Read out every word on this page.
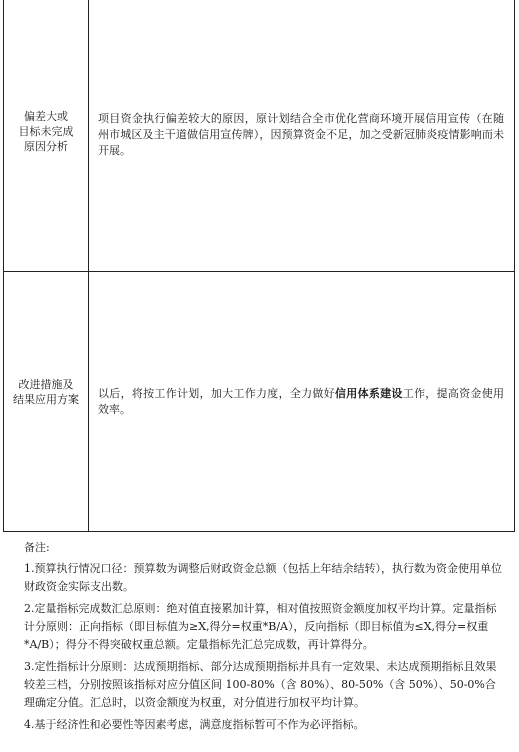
偏差大或
目标未完成
原因分析
项目资金执行偏差较大的原因，原计划结合全市优化营商环境开展信用宣传（在随州市城区及主干道做信用宣传牌），因预算资金不足，加之受新冠肺炎疫情影响而未开展。
改进措施及
结果应用方案	以后，将按工作计划，加大工作力度，全力做好信用体系建设工作，提高资金使用效率。

备注:

1.预算执行情况口径：预算数为调整后财政资金总额（包括上年结余结转），执行数为资金使用单位财政资金实际支出数。

2.定量指标完成数汇总原则：绝对值直接累加计算，相对值按照资金额度加权平均计算。定量指标计分原则：正向指标（即目标值为≥X,得分=权重*B/A），反向指标（即目标值为≤X,得分=权重*A/B）；得分不得突破权重总额。定量指标先汇总完成数，再计算得分。

3.定性指标计分原则：达成预期指标、部分达成预期指标并具有一定效果、未达成预期指标且效果较差三档，分别按照该指标对应分值区间 100-80%（含 80%）、80-50%（含 50%）、50-0%合理确定分值。汇总时，以资金额度为权重，对分值进行加权平均计算。

4.基于经济性和必要性等因素考虑，满意度指标暂可不作为必评指标。
